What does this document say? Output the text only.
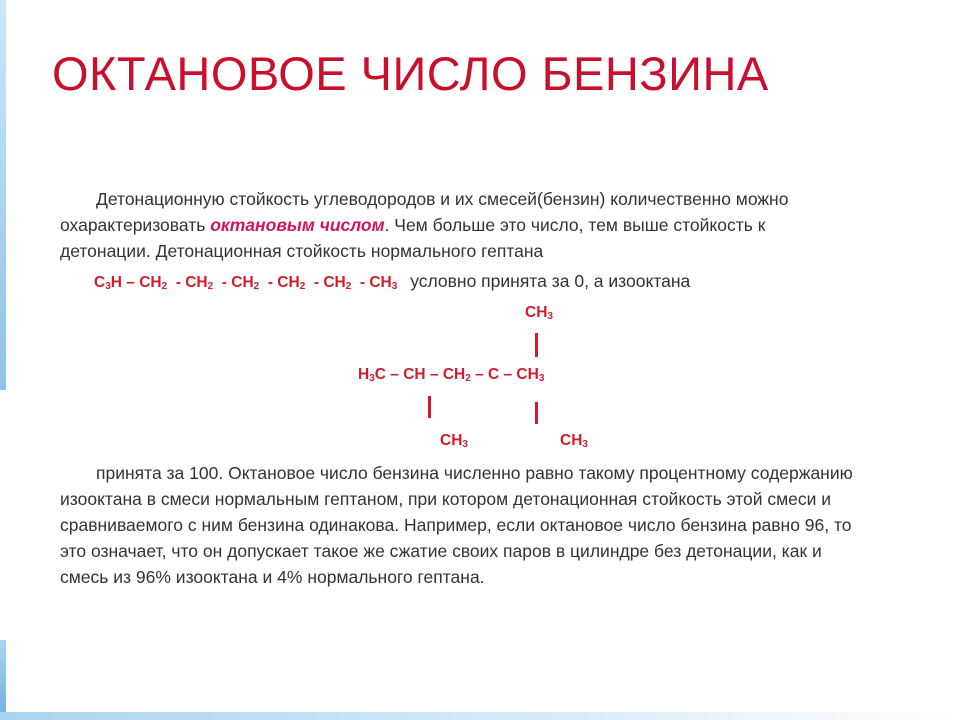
ОКТАНОВОЕ ЧИСЛО БЕНЗИНА

Детонационную стойкость углеводородов и их смесей(бензин) количественно можно охарактеризовать октановым числом. Чем больше это число, тем выше стойкость к детонации. Детонационная стойкость нормального гептана

$C_3H - CH_2 - CH_2 - CH_2 - CH_2 - CH_2 - CH_3$ условно принята за 0, а изооктана
$CH_3$
$H_3C$ – CH – $CH_2$ – C – $CH_3$
$CH_3$	$CH_3$

принята за 100. Октановое число бензина численно равно такому процентному содержанию изооктана в смеси нормальным гептаном, при котором детонационная стойкость этой смеси и сравниваемого с ним бензина одинакова. Например, если октановое число бензина равно 96, то это означает, что он допускает такое же сжатие своих паров в цилиндре без детонации, как и смесь из 96% изооктана и 4% нормального гептана.
